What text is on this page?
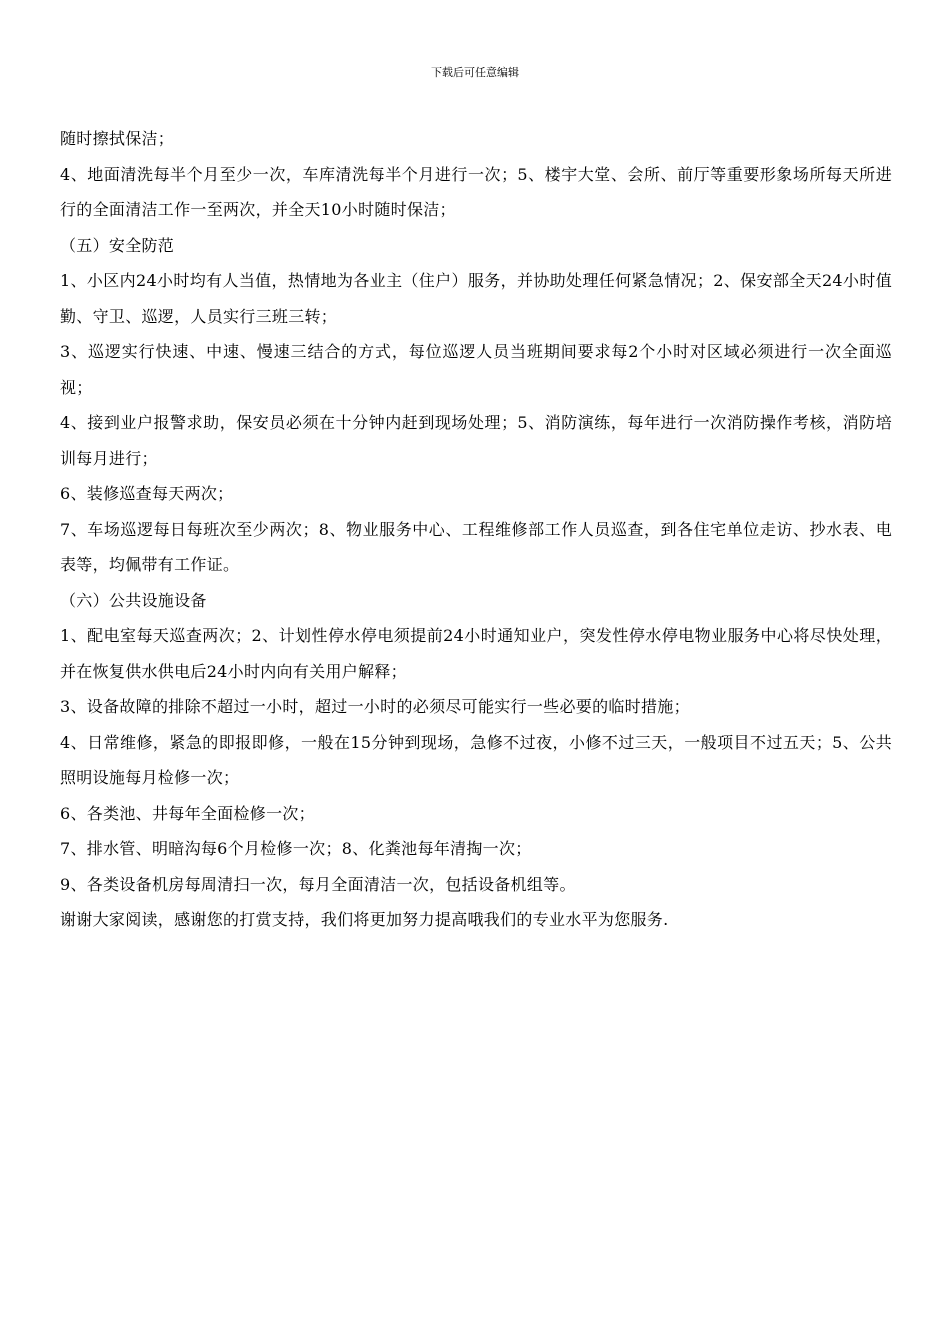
下载后可任意编辑

随时擦拭保洁；

4、地面清洗每半个月至少一次，车库清洗每半个月进行一次；5、楼宇大堂、会所、前厅等重要形象场所每天所进行的全面清洁工作一至两次，并全天10小时随时保洁；

（五）安全防范

1、小区内24小时均有人当值，热情地为各业主（住户）服务，并协助处理任何紧急情况；2、保安部全天24小时值勤、守卫、巡逻，人员实行三班三转；

3、巡逻实行快速、中速、慢速三结合的方式，每位巡逻人员当班期间要求每2个小时对区域必须进行一次全面巡视；

4、接到业户报警求助，保安员必须在十分钟内赶到现场处理；5、消防演练，每年进行一次消防操作考核，消防培训每月进行；

6、装修巡查每天两次；

7、车场巡逻每日每班次至少两次；8、物业服务中心、工程维修部工作人员巡查，到各住宅单位走访、抄水表、电表等，均佩带有工作证。

（六）公共设施设备

1、配电室每天巡查两次；2、计划性停水停电须提前24小时通知业户，突发性停水停电物业服务中心将尽快处理，并在恢复供水供电后24小时内向有关用户解释；

3、设备故障的排除不超过一小时，超过一小时的必须尽可能实行一些必要的临时措施；

4、日常维修，紧急的即报即修，一般在15分钟到现场，急修不过夜，小修不过三天，一般项目不过五天；5、公共照明设施每月检修一次；

6、各类池、井每年全面检修一次；

7、排水管、明暗沟每6个月检修一次；8、化粪池每年清掏一次；

9、各类设备机房每周清扫一次，每月全面清洁一次，包括设备机组等。

谢谢大家阅读，感谢您的打赏支持，我们将更加努力提高哦我们的专业水平为您服务.
